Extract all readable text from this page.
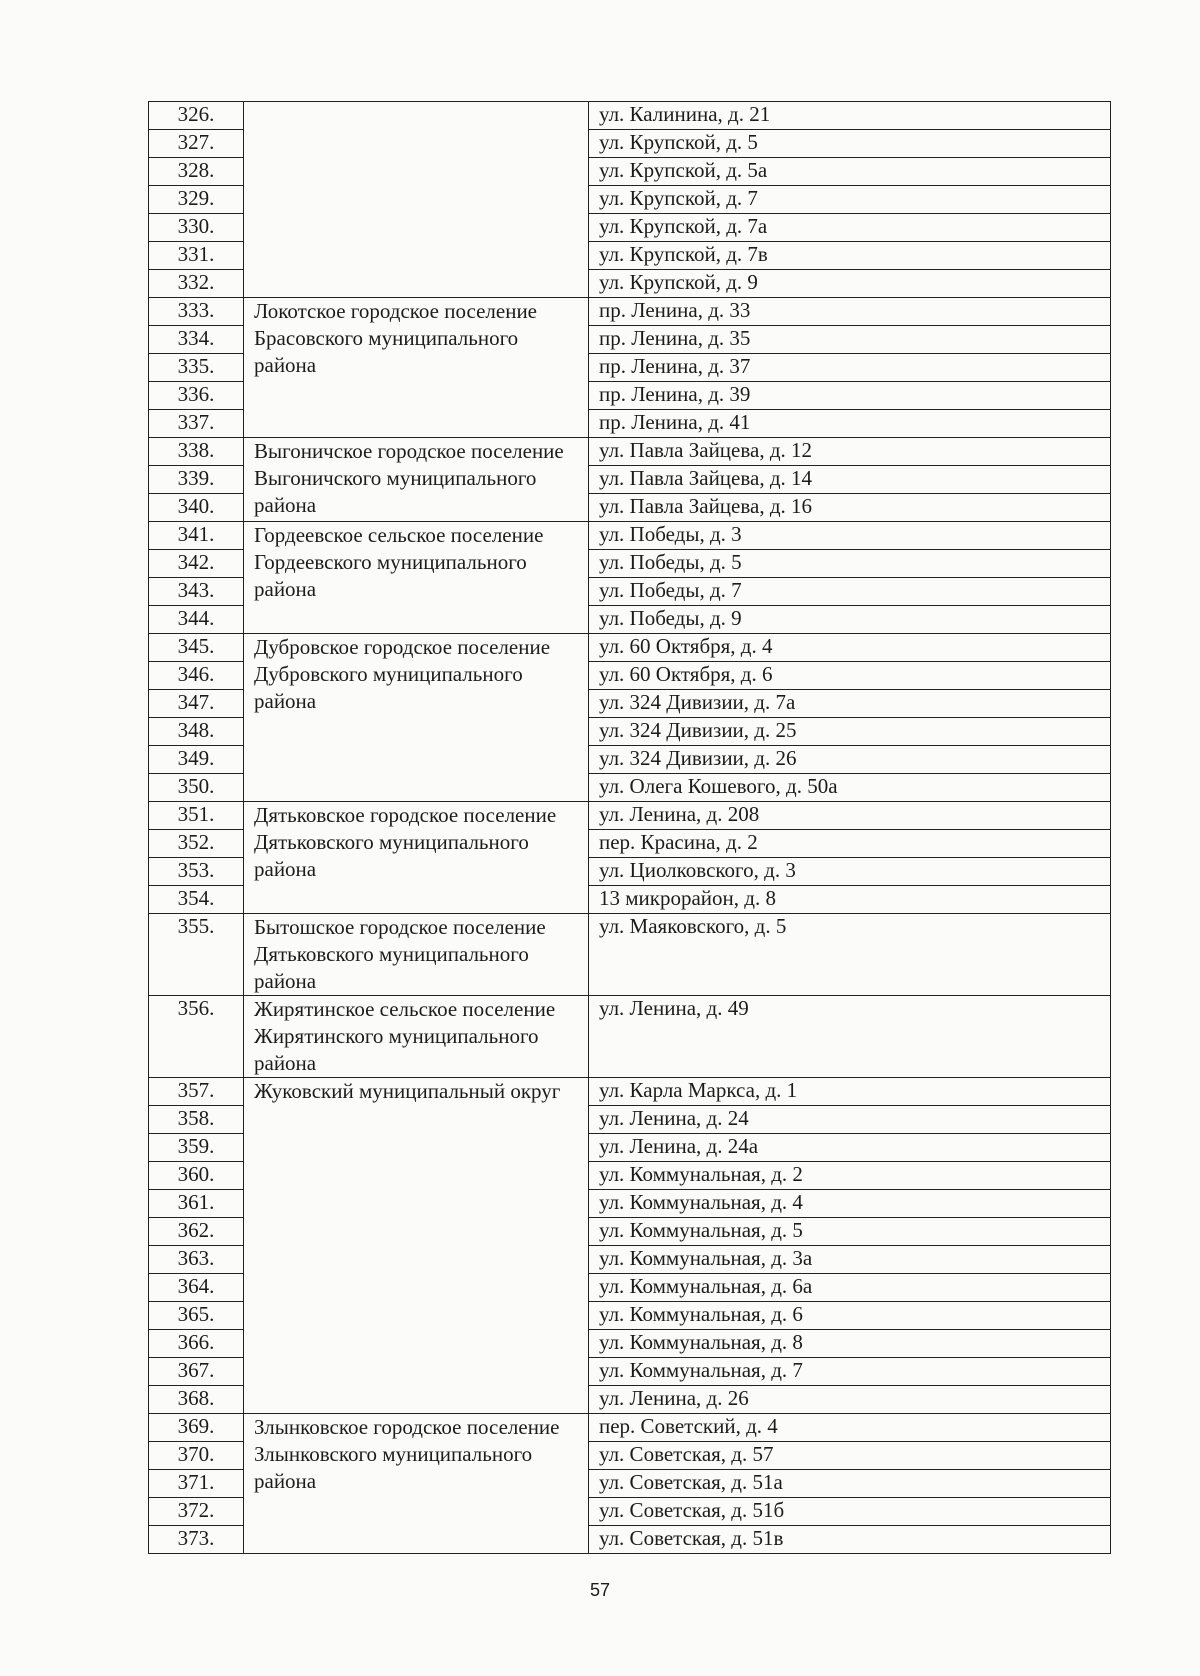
326.		ул. Калинина, д. 21
327.		ул. Крупской, д. 5
328.		ул. Крупской, д. 5а
329.		ул. Крупской, д. 7
330.		ул. Крупской, д. 7а
331.		ул. Крупской, д. 7в
332.		ул. Крупской, д. 9
333.	Локотское городское поселение Брасовского муниципального района	пр. Ленина, д. 33
334.		пр. Ленина, д. 35
335.		пр. Ленина, д. 37
336.		пр. Ленина, д. 39
337.		пр. Ленина, д. 41
338.	Выгоничское городское поселение Выгоничского муниципального района	ул. Павла Зайцева, д. 12
339.		ул. Павла Зайцева, д. 14
340.		ул. Павла Зайцева, д. 16
341.	Гордеевское сельское поселение Гордеевского муниципального района	ул. Победы, д. 3
342.		ул. Победы, д. 5
343.		ул. Победы, д. 7
344.		ул. Победы, д. 9
345.	Дубровское городское поселение Дубровского муниципального района	ул. 60 Октября, д. 4
346.		ул. 60 Октября, д. 6
347.		ул. 324 Дивизии, д. 7а
348.		ул. 324 Дивизии, д. 25
349.		ул. 324 Дивизии, д. 26
350.		ул. Олега Кошевого, д. 50а
351.	Дятьковское городское поселение Дятьковского муниципального района	ул. Ленина, д. 208
352.		пер. Красина, д. 2
353.		ул. Циолковского, д. 3
354.		13 микрорайон, д. 8
355.	Бытошское городское поселение Дятьковского муниципального района	ул. Маяковского, д. 5
356.	Жирятинское сельское поселение Жирятинского муниципального района	ул. Ленина, д. 49
357.	Жуковский муниципальный округ	ул. Карла Маркса, д. 1
358.		ул. Ленина, д. 24
359.		ул. Ленина, д. 24а
360.		ул. Коммунальная, д. 2
361.		ул. Коммунальная, д. 4
362.		ул. Коммунальная, д. 5
363.		ул. Коммунальная, д. 3а
364.		ул. Коммунальная, д. 6а
365.		ул. Коммунальная, д. 6
366.		ул. Коммунальная, д. 8
367.		ул. Коммунальная, д. 7
368.		ул. Ленина, д. 26
369.	Злынковское городское поселение Злынковского муниципального района	пер. Советский, д. 4
370.		ул. Советская, д. 57
371.		ул. Советская, д. 51а
372.		ул. Советская, д. 51б
373.		ул. Советская, д. 51в
57
